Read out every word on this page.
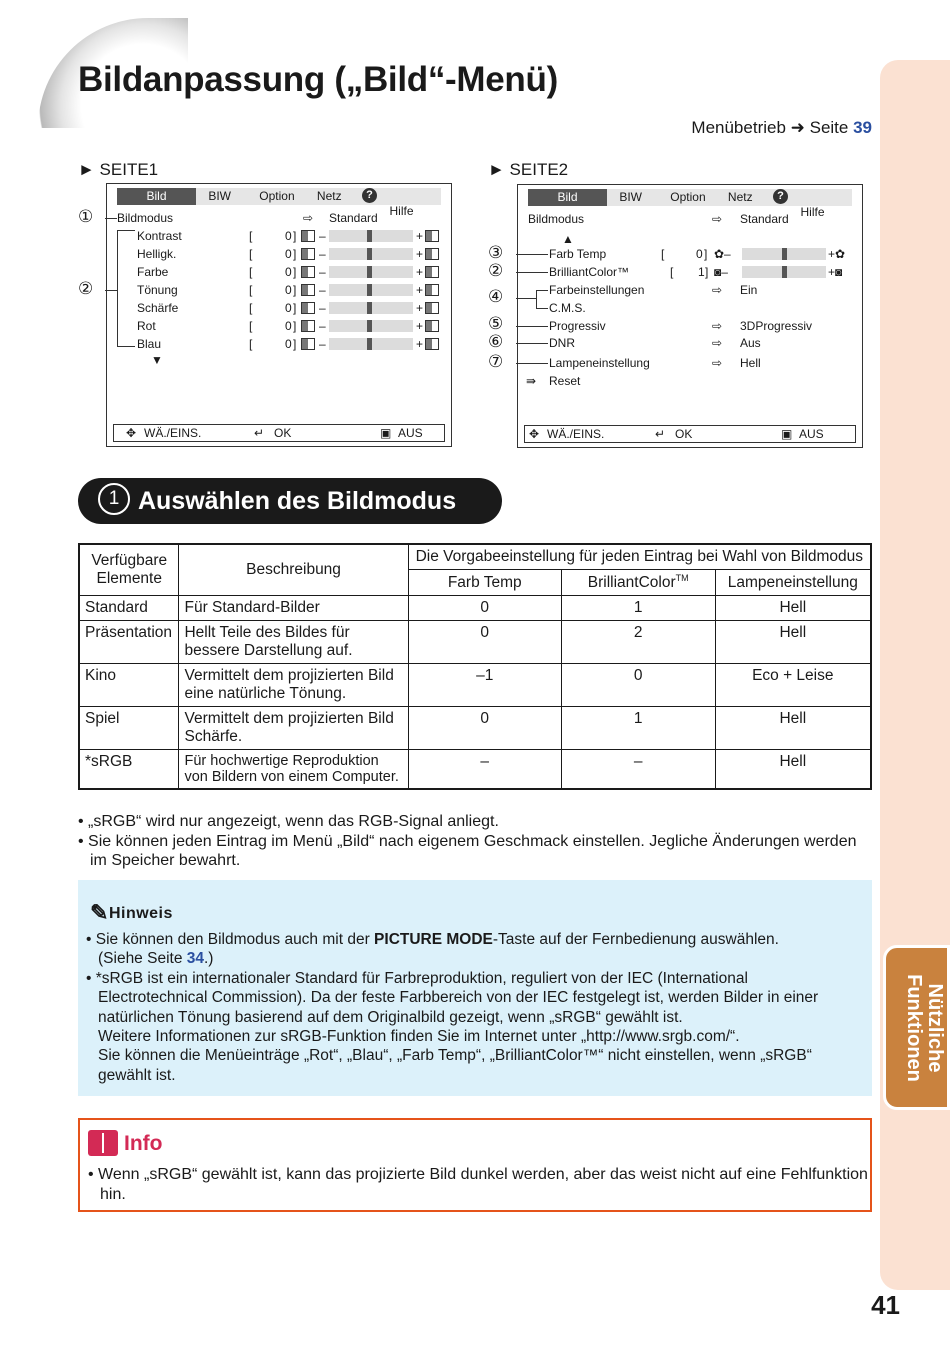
Bildanpassung („Bild“-Menü)
Menübetrieb ➜ Seite 39
Nützliche
Funktionen
► SEITE1
Bild	BIW	Option	Netz	?
Hilfe
Bildmodus	⇨ Standard
Kontrast	[	0 ] –	+
Helligk.	[	0 ] –	+
Farbe	[	0 ] –	+
Tönung	[	0 ] –	+
Schärfe	[	0 ] –	+
Rot	[	0 ] –	+
Blau	[	0 ] –	+
▼
✥ WÄ./EINS.	↵ OK	▣ AUS
①
②
► SEITE2
Bild	BIW	Option	Netz	?
Hilfe
Bildmodus	⇨ Standard
▲
Farb Temp	[	0 ] ✿–	+✿
BrilliantColor™	[ 1 ] ◙–	+◙
Farbeinstellungen	⇨ Ein
C.M.S.
Progressiv	⇨ 3DProgressiv
DNR	⇨ Aus
Lampeneinstellung	⇨ Hell
⇛ Reset
✥ WÄ./EINS.	↵ OK	▣ AUS
③
②
④
⑤
⑥
⑦
1 Auswählen des Bildmodus
Verfügbare Elemente	Beschreibung	Die Vorgabeeinstellung für jeden Eintrag bei Wahl von Bildmodus		
		Farb Temp	BrilliantColor™	Lampeneinstellung
Standard	Für Standard-Bilder	0	1	Hell
Präsentation	Hellt Teile des Bildes für bessere Darstellung auf.	0	2	Hell
Kino	Vermittelt dem projizierten Bild eine natürliche Tönung.	–1	0	Eco + Leise
Spiel	Vermittelt dem projizierten Bild Schärfe.	0	1	Hell
*sRGB	Für hochwertige Reproduktion von Bildern von einem Computer.	–	–	Hell
• „sRGB“ wird nur angezeigt, wenn das RGB-Signal anliegt.
• Sie können jeden Eintrag im Menü „Bild“ nach eigenem Geschmack einstellen. Jegliche Änderungen werden im Speicher bewahrt.
✎Hinweis
• Sie können den Bildmodus auch mit der PICTURE MODE-Taste auf der Fernbedienung auswählen.
(Siehe Seite 34.)
• *sRGB ist ein internationaler Standard für Farbreproduktion, reguliert von der IEC (International Electrotechnical Commission). Da der feste Farbbereich von der IEC festgelegt ist, werden Bilder in einer natürlichen Tönung basierend auf dem Originalbild gezeigt, wenn „sRGB“ gewählt ist.
Weitere Informationen zur sRGB-Funktion finden Sie im Internet unter „http://www.srgb.com/“.
Sie können die Menüeinträge „Rot“, „Blau“, „Farb Temp“, „BrilliantColor™“ nicht einstellen, wenn „sRGB“ gewählt ist.
Info
• Wenn „sRGB“ gewählt ist, kann das projizierte Bild dunkel werden, aber das weist nicht auf eine Fehlfunktion hin.
41
